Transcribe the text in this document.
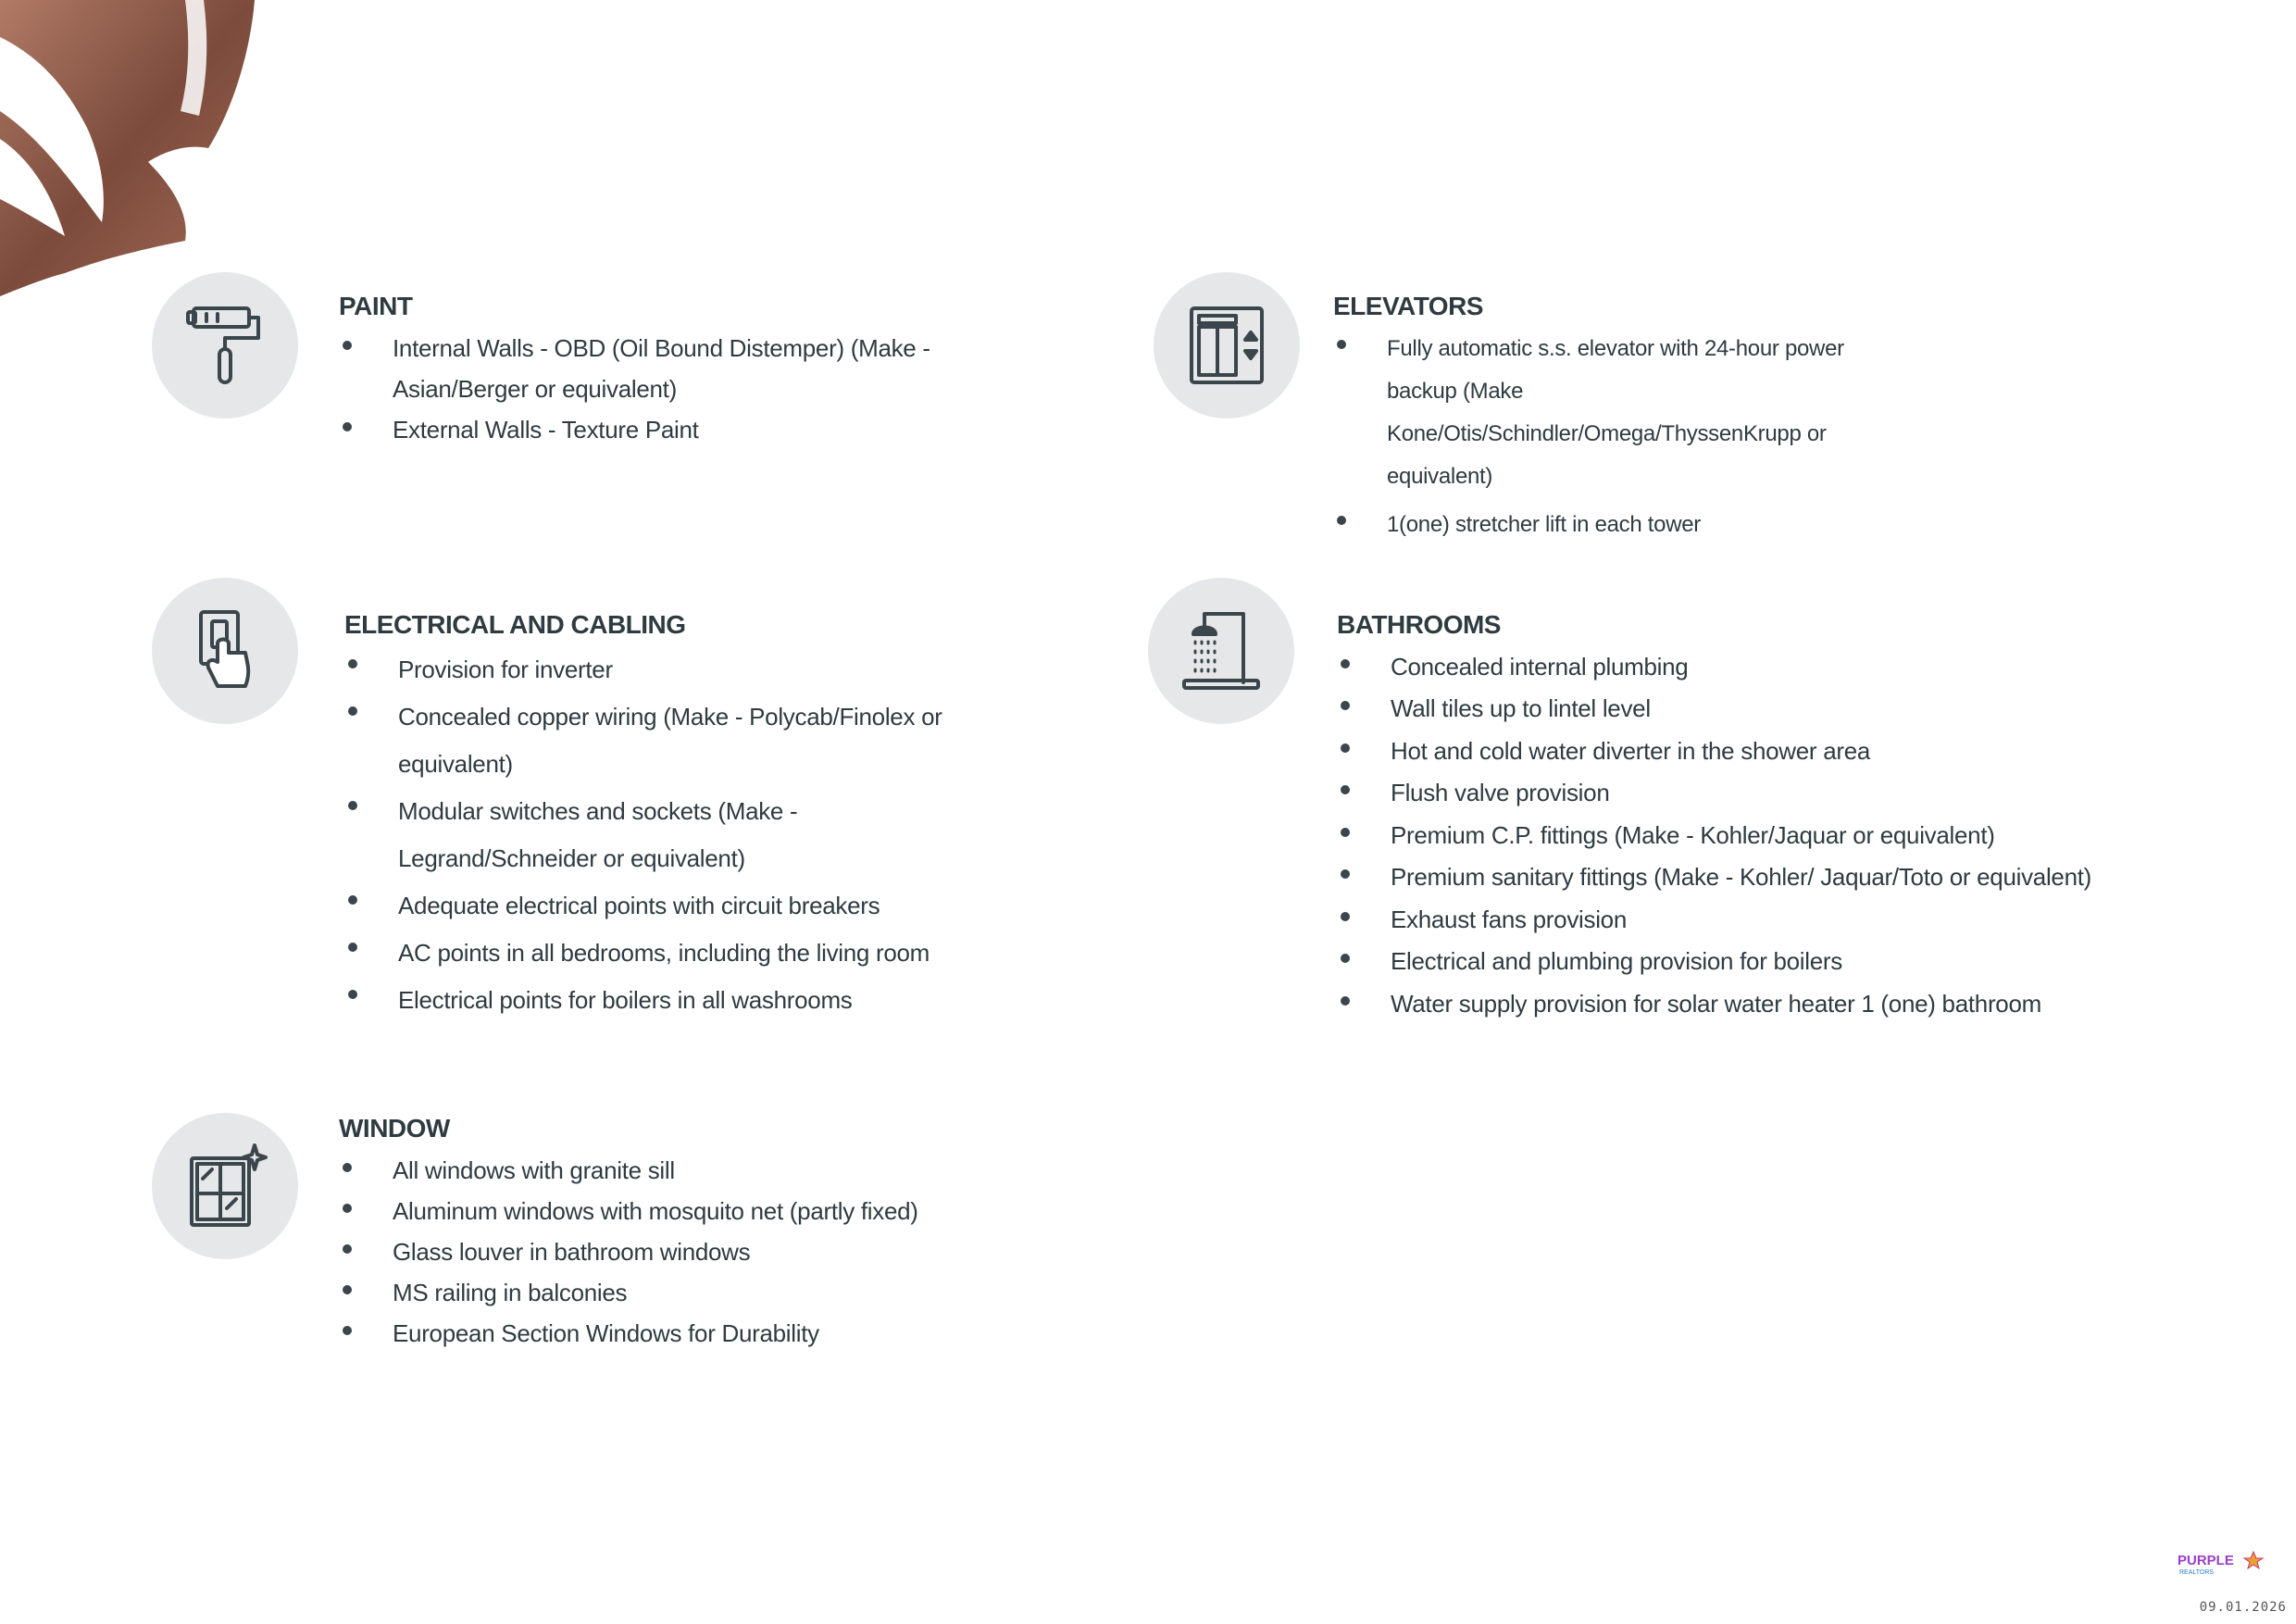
PAINT
Internal Walls - OBD (Oil Bound Distemper) (Make - Asian/Berger or equivalent)
External Walls - Texture Paint
ELEVATORS
Fully automatic s.s. elevator with 24-hour power backup (Make Kone/Otis/Schindler/Omega/ThyssenKrupp or equivalent)
1(one) stretcher lift in each tower
ELECTRICAL AND CABLING
Provision for inverter
Concealed copper wiring (Make - Polycab/Finolex or equivalent)
Modular switches and sockets (Make - Legrand/Schneider or equivalent)
Adequate electrical points with circuit breakers
AC points in all bedrooms, including the living room
Electrical points for boilers in all washrooms
BATHROOMS
Concealed internal plumbing
Wall tiles up to lintel level
Hot and cold water diverter in the shower area
Flush valve provision
Premium C.P. fittings (Make - Kohler/Jaquar or equivalent)
Premium sanitary fittings (Make - Kohler/ Jaquar/Toto or equivalent)
Exhaust fans provision
Electrical and plumbing provision for boilers
Water supply provision for solar water heater 1 (one) bathroom
WINDOW
All windows with granite sill
Aluminum windows with mosquito net (partly fixed)
Glass louver in bathroom windows
MS railing in balconies
European Section Windows for Durability
PURPLE
REALTORS
09.01.2026
